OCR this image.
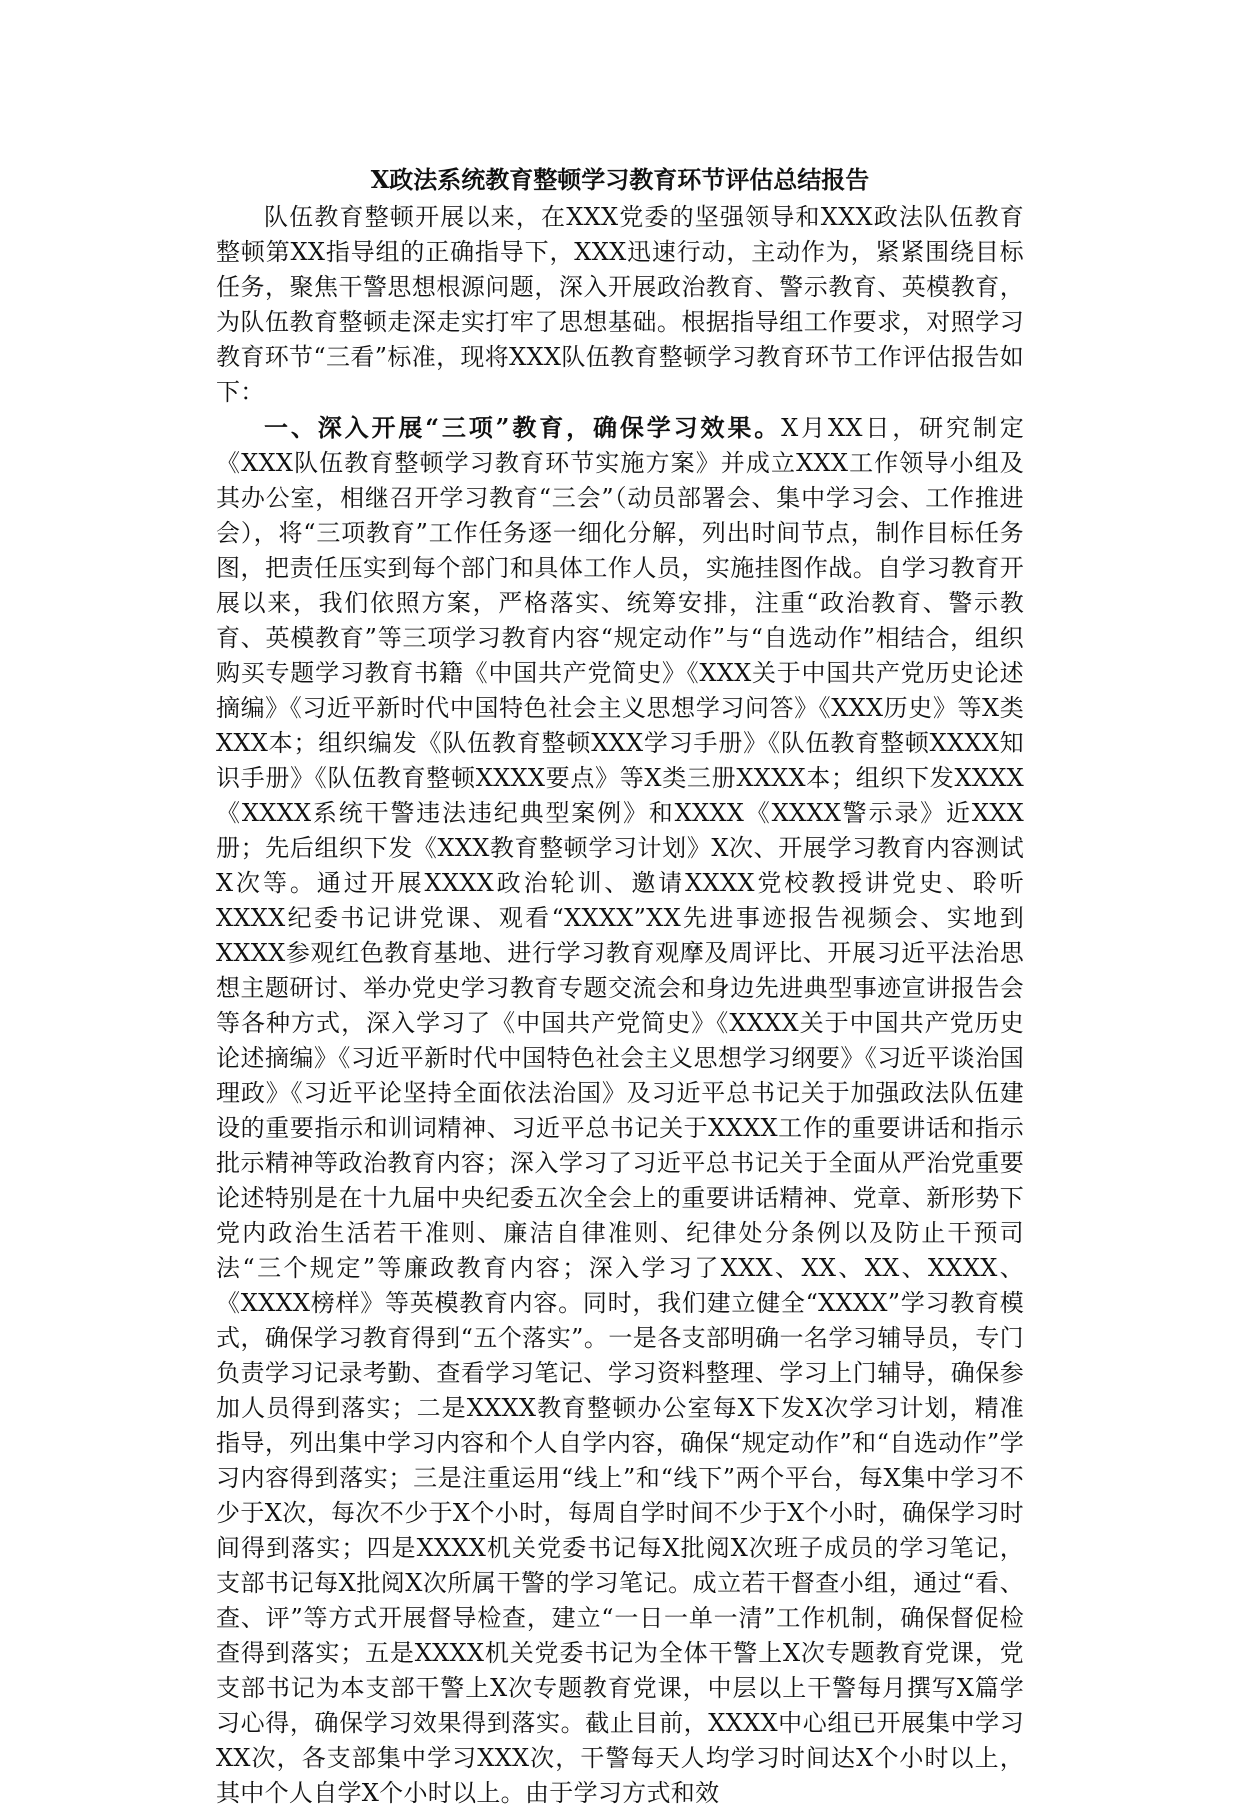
X政法系统教育整顿学习教育环节评估总结报告

队伍教育整顿开展以来，在XXX党委的坚强领导和XXX政法队伍教育整顿第XX指导组的正确指导下，XXX迅速行动，主动作为，紧紧围绕目标任务，聚焦干警思想根源问题，深入开展政治教育、警示教育、英模教育，为队伍教育整顿走深走实打牢了思想基础。根据指导组工作要求，对照学习教育环节“三看”标准，现将XXX队伍教育整顿学习教育环节工作评估报告如下：

一、深入开展“三项”教育，确保学习效果。X月XX日，研究制定《XXX队伍教育整顿学习教育环节实施方案》并成立XXX工作领导小组及其办公室，相继召开学习教育“三会”（动员部署会、集中学习会、工作推进会），将“三项教育”工作任务逐一细化分解，列出时间节点，制作目标任务图，把责任压实到每个部门和具体工作人员，实施挂图作战。自学习教育开展以来，我们依照方案，严格落实、统筹安排，注重“政治教育、警示教育、英模教育”等三项学习教育内容“规定动作”与“自选动作”相结合，组织购买专题学习教育书籍《中国共产党简史》《XXX关于中国共产党历史论述摘编》《习近平新时代中国特色社会主义思想学习问答》《XXX历史》等X类XXX本；组织编发《队伍教育整顿XXX学习手册》《队伍教育整顿XXXX知识手册》《队伍教育整顿XXXX要点》等X类三册XXXX本；组织下发XXXX《XXXX系统干警违法违纪典型案例》和XXXX《XXXX警示录》近XXX册；先后组织下发《XXX教育整顿学习计划》X次、开展学习教育内容测试X次等。通过开展XXXX政治轮训、邀请XXXX党校教授讲党史、聆听XXXX纪委书记讲党课、观看“XXXX”XX先进事迹报告视频会、实地到XXXX参观红色教育基地、进行学习教育观摩及周评比、开展习近平法治思想主题研讨、举办党史学习教育专题交流会和身边先进典型事迹宣讲报告会等各种方式，深入学习了《中国共产党简史》《XXXX关于中国共产党历史论述摘编》《习近平新时代中国特色社会主义思想学习纲要》《习近平谈治国理政》《习近平论坚持全面依法治国》及习近平总书记关于加强政法队伍建设的重要指示和训词精神、习近平总书记关于XXXX工作的重要讲话和指示批示精神等政治教育内容；深入学习了习近平总书记关于全面从严治党重要论述特别是在十九届中央纪委五次全会上的重要讲话精神、党章、新形势下党内政治生活若干准则、廉洁自律准则、纪律处分条例以及防止干预司法“三个规定”等廉政教育内容；深入学习了XXX、XX、XX、XXXX、《XXXX榜样》等英模教育内容。同时，我们建立健全“XXXX”学习教育模式，确保学习教育得到“五个落实”。一是各支部明确一名学习辅导员，专门负责学习记录考勤、查看学习笔记、学习资料整理、学习上门辅导，确保参加人员得到落实；二是XXXX教育整顿办公室每X下发X次学习计划，精准指导，列出集中学习内容和个人自学内容，确保“规定动作”和“自选动作”学习内容得到落实；三是注重运用“线上”和“线下”两个平台，每X集中学习不少于X次，每次不少于X个小时，每周自学时间不少于X个小时，确保学习时间得到落实；四是XXXX机关党委书记每X批阅X次班子成员的学习笔记，支部书记每X批阅X次所属干警的学习笔记。成立若干督查小组，通过“看、查、评”等方式开展督导检查，建立“一日一单一清”工作机制，确保督促检查得到落实；五是XXXX机关党委书记为全体干警上X次专题教育党课，党支部书记为本支部干警上X次专题教育党课，中层以上干警每月撰写X篇学习心得，确保学习效果得到落实。截止目前，XXXX中心组已开展集中学习XX次，各支部集中学习XXX次，干警每天人均学习时间达X个小时以上，其中个人自学X个小时以上。由于学习方式和效
